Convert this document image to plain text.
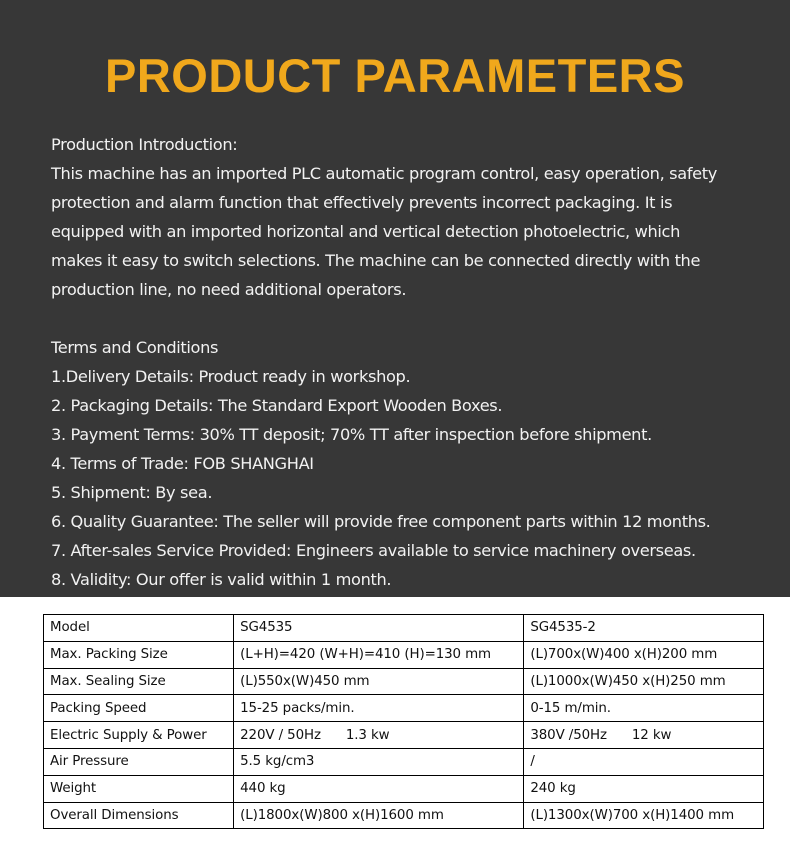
PRODUCT PARAMETERS

Production Introduction:

This machine has an imported PLC automatic program control, easy operation, safety

protection and alarm function that effectively prevents incorrect packaging. It is

equipped with an imported horizontal and vertical detection photoelectric, which

makes it easy to switch selections. The machine can be connected directly with the

production line, no need additional operators.

Terms and Conditions

1.Delivery Details: Product ready in workshop.
2. Packaging Details: The Standard Export Wooden Boxes.
3. Payment Terms: 30% TT deposit; 70% TT after inspection before shipment.
4. Terms of Trade: FOB SHANGHAI
5. Shipment: By sea.
6. Quality Guarantee: The seller will provide free component parts within 12 months.
7. After-sales Service Provided: Engineers available to service machinery overseas.
8. Validity: Our offer is valid within 1 month.
Model	SG4535	SG4535-2
Max. Packing Size	(L+H)=420 (W+H)=410 (H)=130 mm	(L)700x(W)400 x(H)200 mm
Max. Sealing Size	(L)550x(W)450 mm	(L)1000x(W)450 x(H)250 mm
Packing Speed	15-25 packs/min.	0-15 m/min.
Electric Supply & Power	220V / 50Hz      1.3 kw	380V /50Hz      12 kw
Air Pressure	5.5 kg/cm3	/
Weight	440 kg	240 kg
Overall Dimensions	(L)1800x(W)800 x(H)1600 mm	(L)1300x(W)700 x(H)1400 mm
